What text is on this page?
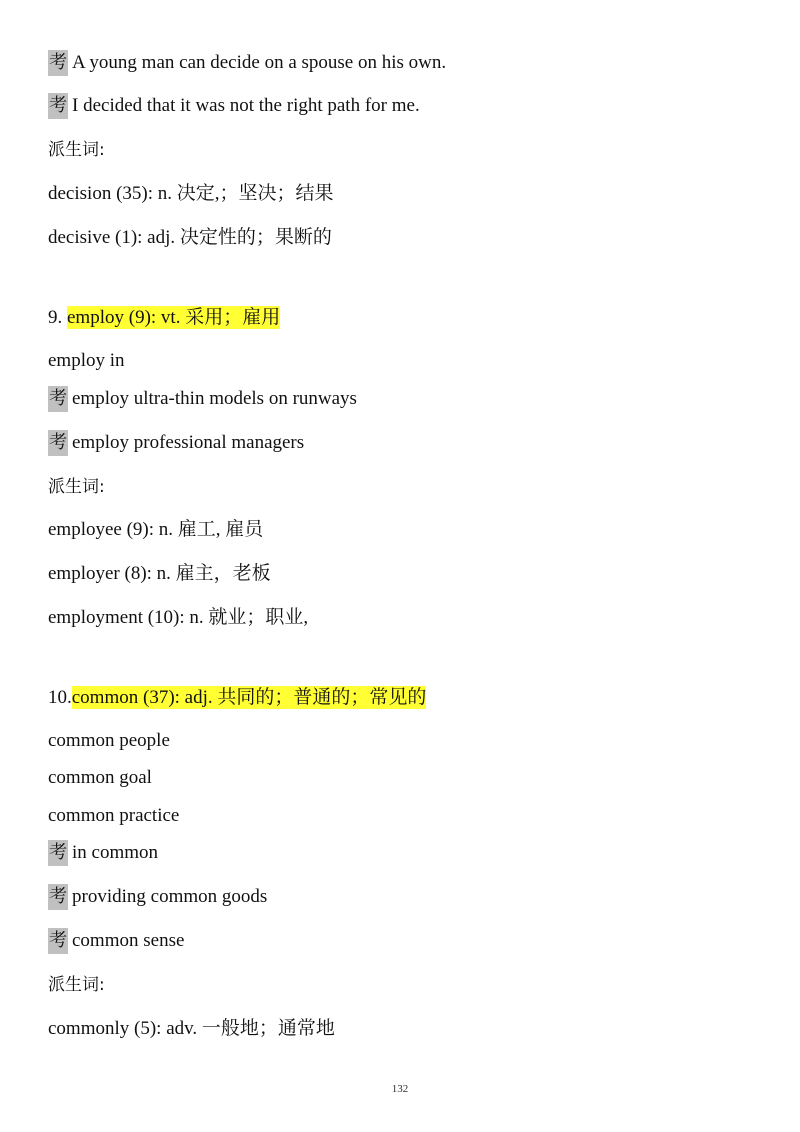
考 A young man can decide on a spouse on his own.
考 I decided that it was not the right path for me.
派生词:
decision (35): n. 决定,；坚决；结果
decisive (1): adj. 决定性的；果断的
9. employ (9): vt. 采用；雇用
employ in
考 employ ultra-thin models on runways
考 employ professional managers
派生词:
employee (9): n. 雇工, 雇员
employer (8): n. 雇主，老板
employment (10): n. 就业；职业,
10.common (37): adj. 共同的；普通的；常见的
common people
common goal
common practice
考 in common
考 providing common goods
考 common sense
派生词:
commonly (5): adv. 一般地；通常地
132
